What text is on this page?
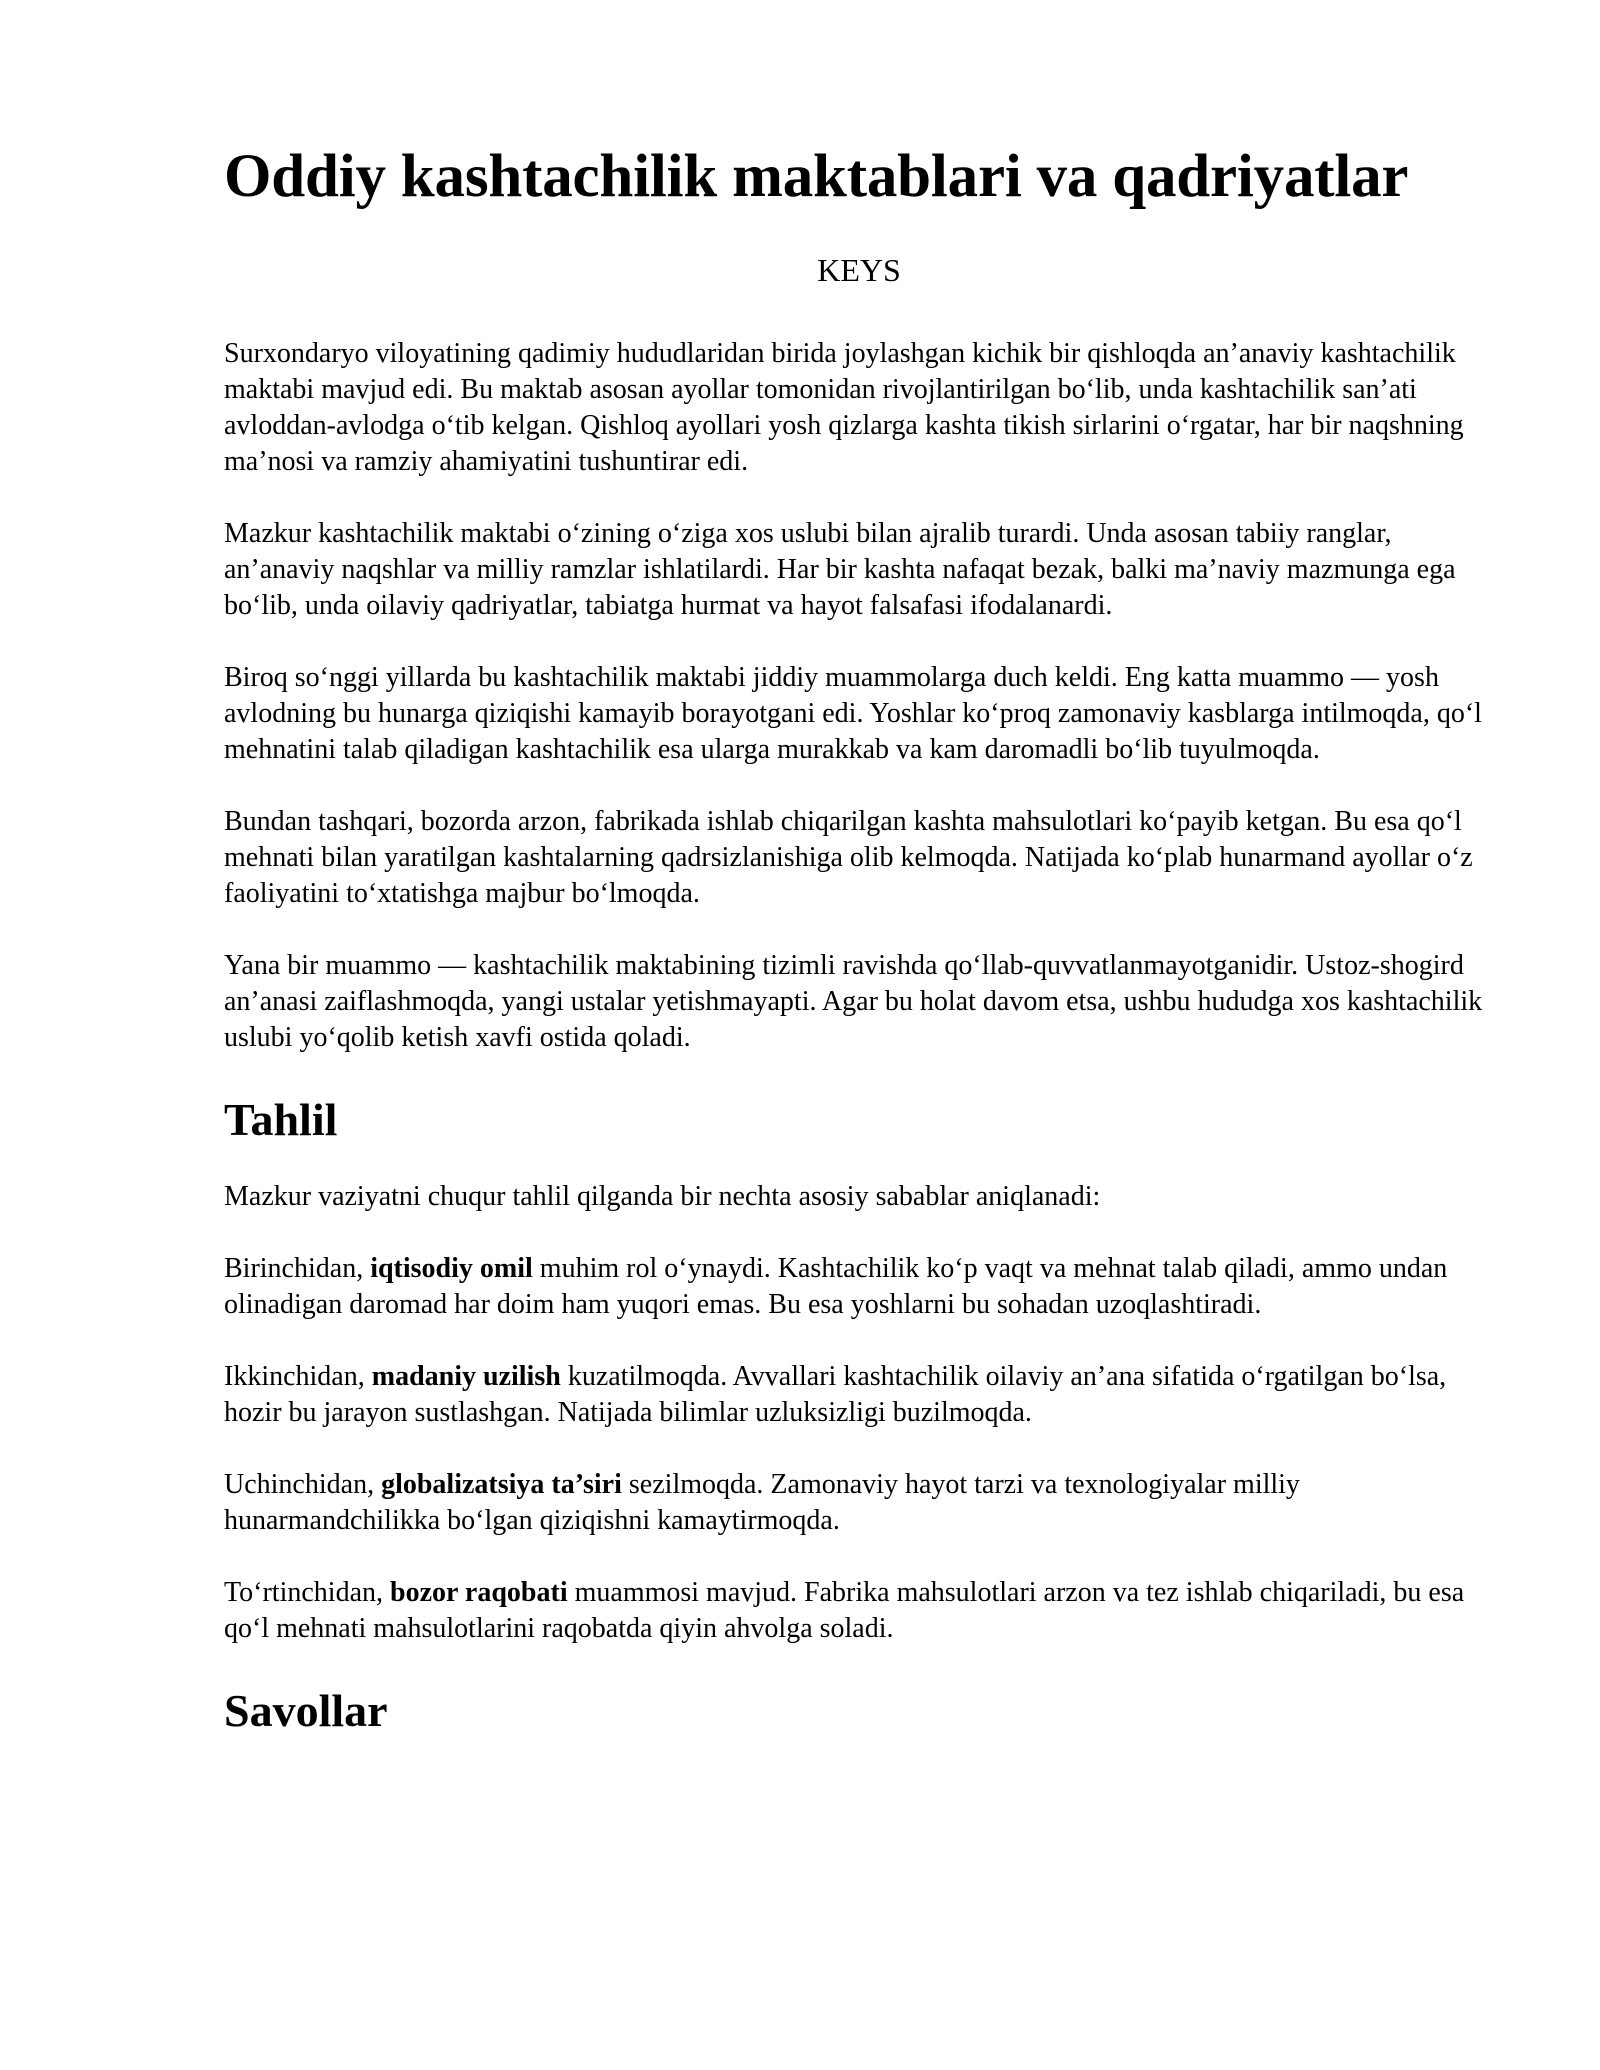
Oddiy kashtachilik maktablari va qadriyatlar
KEYS

Surxondaryo viloyatining qadimiy hududlaridan birida joylashgan kichik bir qishloqda an’anaviy kashtachilik maktabi mavjud edi. Bu maktab asosan ayollar tomonidan rivojlantirilgan bo‘lib, unda kashtachilik san’ati avloddan-avlodga o‘tib kelgan. Qishloq ayollari yosh qizlarga kashta tikish sirlarini o‘rgatar, har bir naqshning ma’nosi va ramziy ahamiyatini tushuntirar edi.

Mazkur kashtachilik maktabi o‘zining o‘ziga xos uslubi bilan ajralib turardi. Unda asosan tabiiy ranglar, an’anaviy naqshlar va milliy ramzlar ishlatilardi. Har bir kashta nafaqat bezak, balki ma’naviy mazmunga ega bo‘lib, unda oilaviy qadriyatlar, tabiatga hurmat va hayot falsafasi ifodalanardi.

Biroq so‘nggi yillarda bu kashtachilik maktabi jiddiy muammolarga duch keldi. Eng katta muammo — yosh avlodning bu hunarga qiziqishi kamayib borayotgani edi. Yoshlar ko‘proq zamonaviy kasblarga intilmoqda, qo‘l mehnatini talab qiladigan kashtachilik esa ularga murakkab va kam daromadli bo‘lib tuyulmoqda.

Bundan tashqari, bozorda arzon, fabrikada ishlab chiqarilgan kashta mahsulotlari ko‘payib ketgan. Bu esa qo‘l mehnati bilan yaratilgan kashtalarning qadrsizlanishiga olib kelmoqda. Natijada ko‘plab hunarmand ayollar o‘z faoliyatini to‘xtatishga majbur bo‘lmoqda.

Yana bir muammo — kashtachilik maktabining tizimli ravishda qo‘llab-quvvatlanmayotganidir. Ustoz-shogird an’anasi zaiflashmoqda, yangi ustalar yetishmayapti. Agar bu holat davom etsa, ushbu hududga xos kashtachilik uslubi yo‘qolib ketish xavfi ostida qoladi.

Tahlil

Mazkur vaziyatni chuqur tahlil qilganda bir nechta asosiy sabablar aniqlanadi:

Birinchidan, iqtisodiy omil muhim rol o‘ynaydi. Kashtachilik ko‘p vaqt va mehnat talab qiladi, ammo undan olinadigan daromad har doim ham yuqori emas. Bu esa yoshlarni bu sohadan uzoqlashtiradi.

Ikkinchidan, madaniy uzilish kuzatilmoqda. Avvallari kashtachilik oilaviy an’ana sifatida o‘rgatilgan bo‘lsa, hozir bu jarayon sustlashgan. Natijada bilimlar uzluksizligi buzilmoqda.

Uchinchidan, globalizatsiya ta’siri sezilmoqda. Zamonaviy hayot tarzi va texnologiyalar milliy hunarmandchilikka bo‘lgan qiziqishni kamaytirmoqda.

To‘rtinchidan, bozor raqobati muammosi mavjud. Fabrika mahsulotlari arzon va tez ishlab chiqariladi, bu esa qo‘l mehnati mahsulotlarini raqobatda qiyin ahvolga soladi.

Savollar
